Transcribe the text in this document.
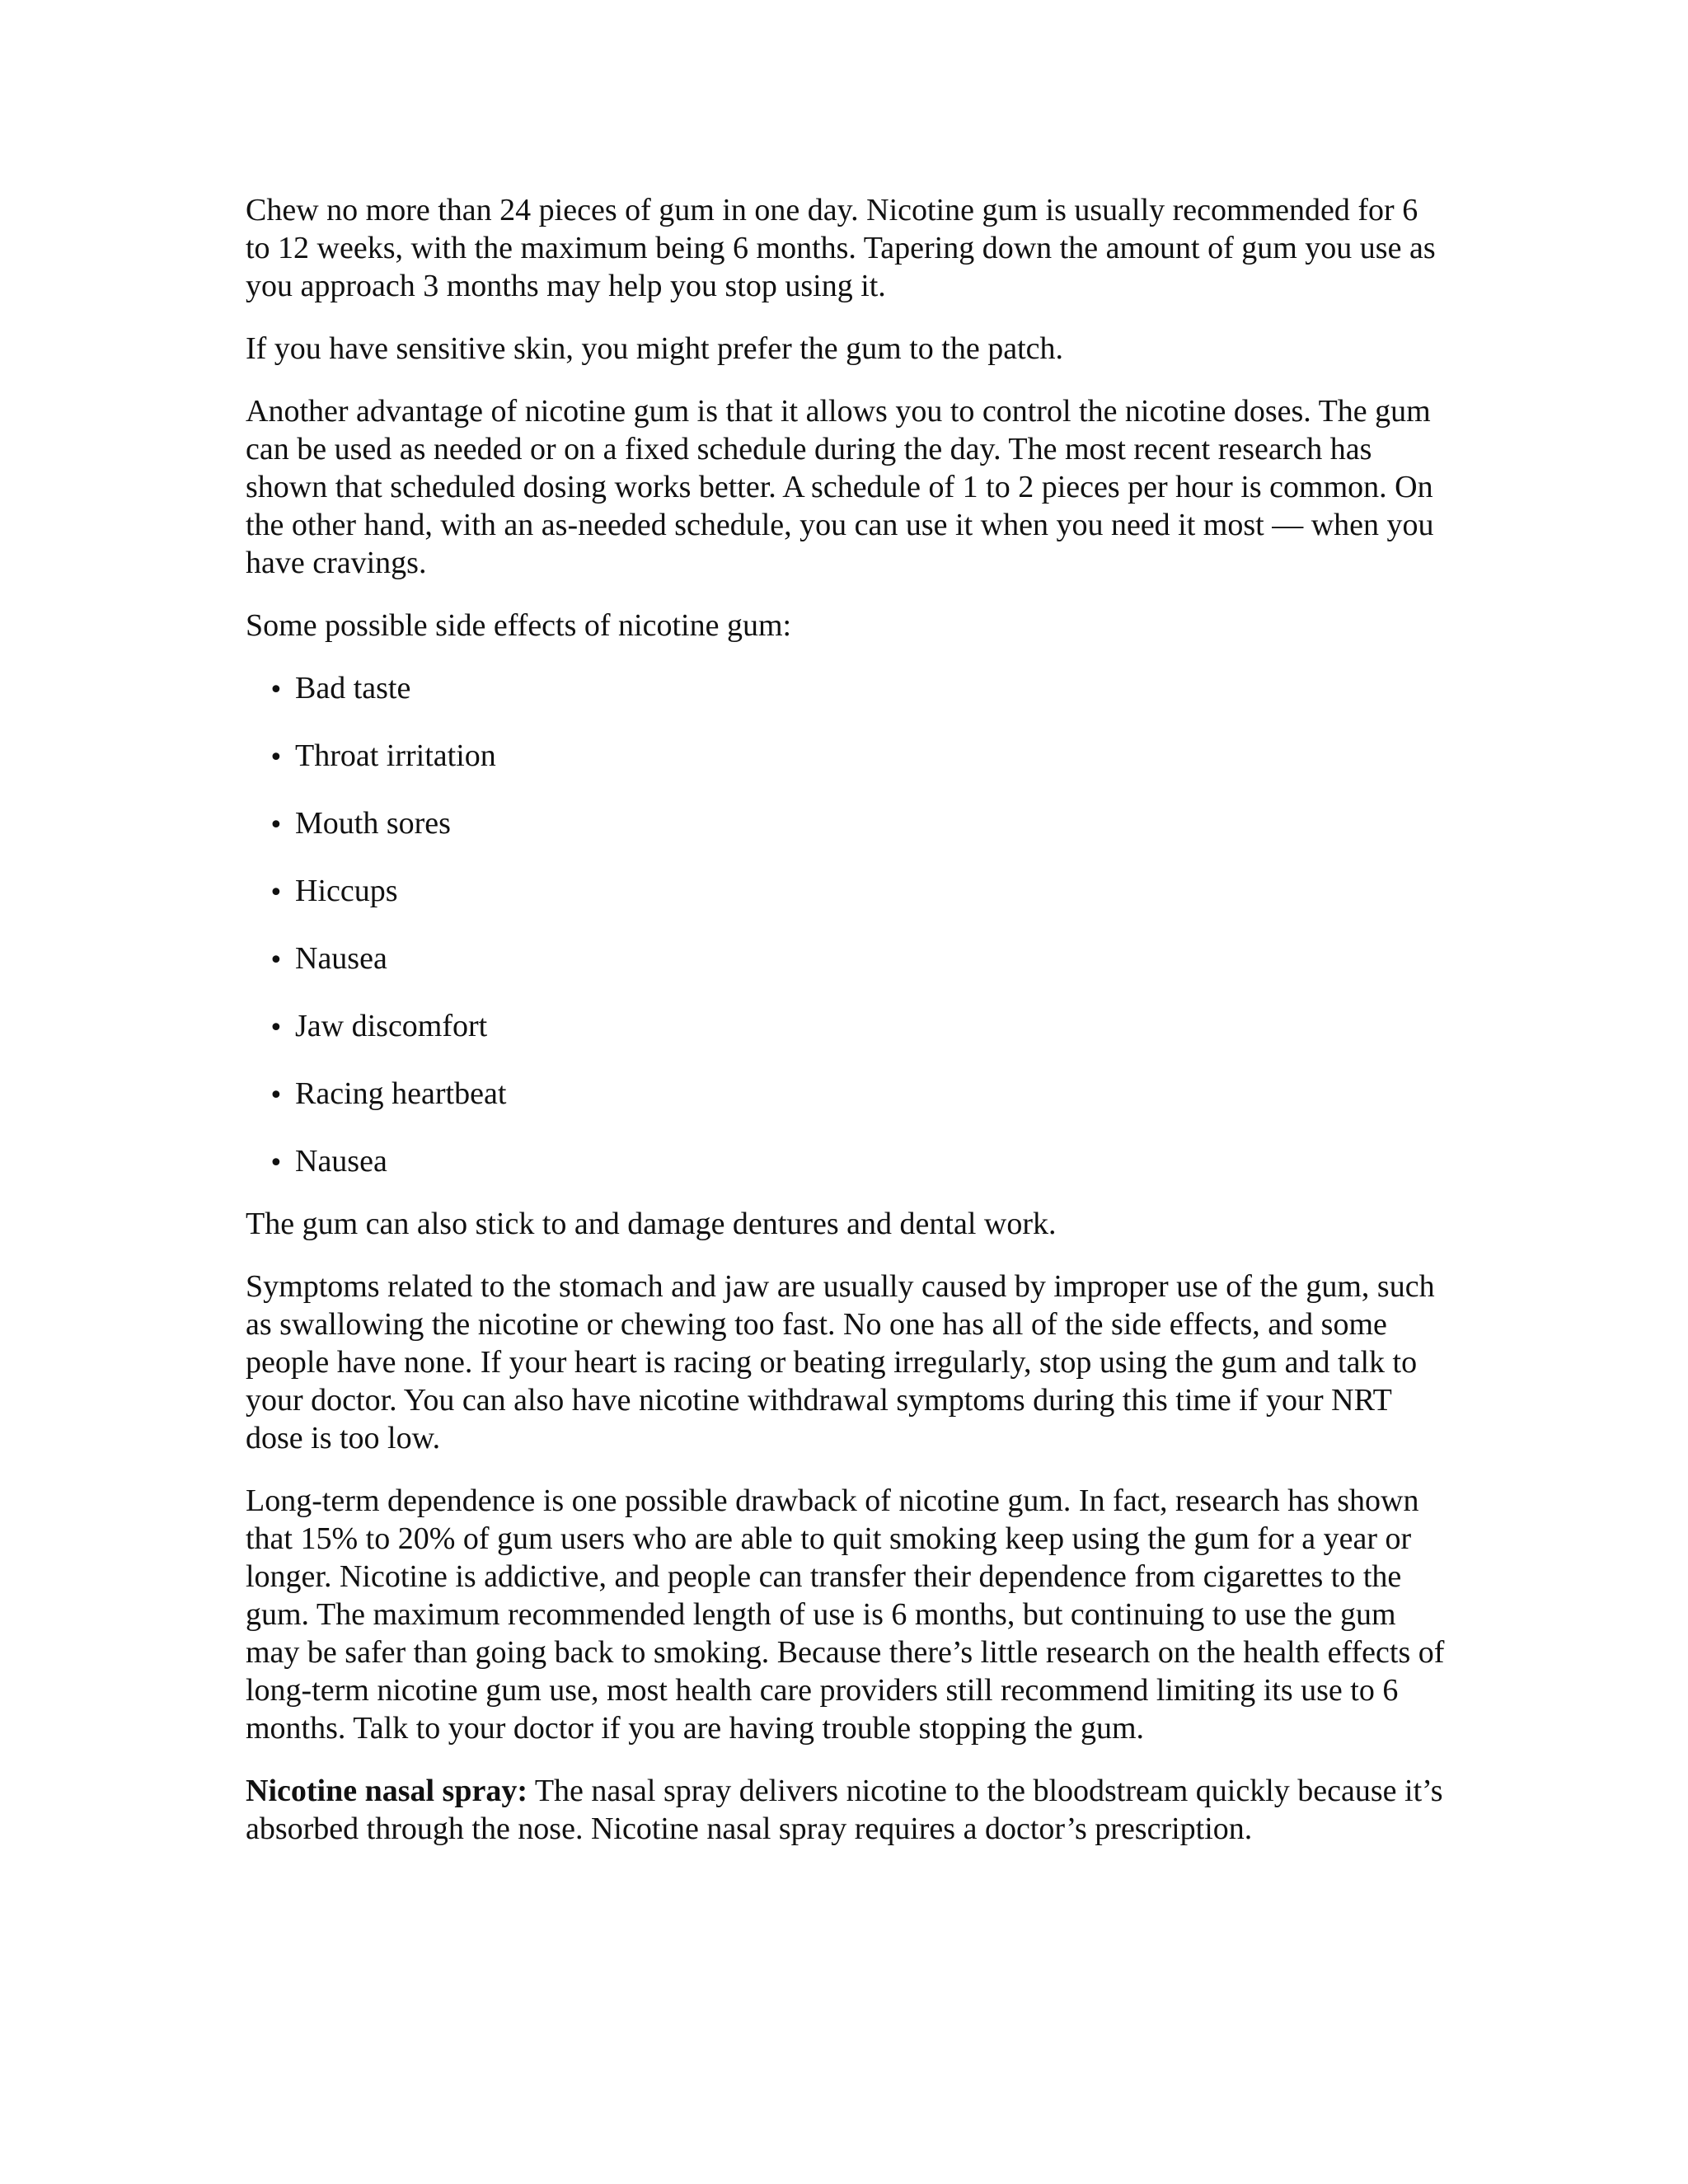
Chew no more than 24 pieces of gum in one day. Nicotine gum is usually recommended for 6 to 12 weeks, with the maximum being 6 months. Tapering down the amount of gum you use as you approach 3 months may help you stop using it.

If you have sensitive skin, you might prefer the gum to the patch.

Another advantage of nicotine gum is that it allows you to control the nicotine doses. The gum can be used as needed or on a fixed schedule during the day. The most recent research has shown that scheduled dosing works better. A schedule of 1 to 2 pieces per hour is common. On the other hand, with an as-needed schedule, you can use it when you need it most — when you have cravings.

Some possible side effects of nicotine gum:

• Bad taste
• Throat irritation
• Mouth sores
• Hiccups
• Nausea
• Jaw discomfort
• Racing heartbeat
• Nausea

The gum can also stick to and damage dentures and dental work.

Symptoms related to the stomach and jaw are usually caused by improper use of the gum, such as swallowing the nicotine or chewing too fast. No one has all of the side effects, and some people have none. If your heart is racing or beating irregularly, stop using the gum and talk to your doctor. You can also have nicotine withdrawal symptoms during this time if your NRT dose is too low.

Long-term dependence is one possible drawback of nicotine gum. In fact, research has shown that 15% to 20% of gum users who are able to quit smoking keep using the gum for a year or longer. Nicotine is addictive, and people can transfer their dependence from cigarettes to the gum. The maximum recommended length of use is 6 months, but continuing to use the gum may be safer than going back to smoking. Because there’s little research on the health effects of long-term nicotine gum use, most health care providers still recommend limiting its use to 6 months. Talk to your doctor if you are having trouble stopping the gum.

Nicotine nasal spray: The nasal spray delivers nicotine to the bloodstream quickly because it’s absorbed through the nose. Nicotine nasal spray requires a doctor’s prescription.
